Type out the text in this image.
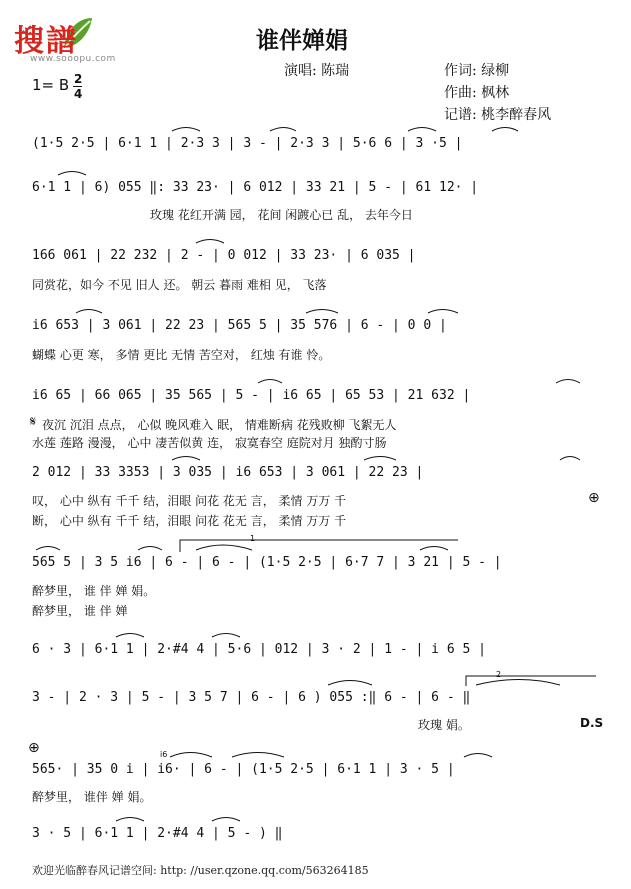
搜譜
www.sooopu.com
谁伴婵娟
演唱: 陈瑞	作词: 绿柳
作曲: 枫林
记谱: 桃李醉春风
1= B 2
4
(1·5 2·5 | 6·1 1 | 2·3 3 | 3 - | 2·3 3 | 5·6 6 | 3 ·5 |
6·1 1 | 6) 055 ‖: 33 23· | 6 012 | 33 21 | 5 - | 61 12· |
玫瑰 花红开满 园， 花间 闲踱心已 乱， 去年今日
166 061 | 22 232 | 2 - | 0 012 | 33 23· | 6 035 |
同赏花，如今 不见 旧人 还。 朝云 暮雨 难相 见， 飞落
i6 653 | 3 061 | 22 23 | 565 5 | 35 576 | 6 - | 0 0 |
蝴蝶 心更 寒， 多情 更比 无情 苦空对， 红烛 有谁 怜。
i6 65 | 66 065 | 35 565 | 5 - | i6 65 | 65 53 | 21 632 |
𝄋 夜沉 沉泪 点点， 心似 晚风难入 眠， 情难断病 花残败柳 飞絮无人
水莲 莲路 漫漫， 心中 凄苦似黄 连， 寂寞春空 庭院对月 独酌寸肠
2 012 | 33 3353 | 3 035 | i6 653 | 3 061 | 22 23 |
⊕
叹， 心中 纵有 千千 结，泪眼 问花 花无 言， 柔情 万万 千
断， 心中 纵有 千千 结，泪眼 问花 花无 言， 柔情 万万 千
565 5 | 3 5 i6 | 6 - | 6 - | (1·5 2·5 | 6·7 7 | 3 21 | 5 - |
1
醉梦里， 谁 伴 婵 娟。
醉梦里， 谁 伴 婵
6 · 3 | 6·1 1 | 2·#4 4 | 5·6 | 012 | 3 · 2 | 1 - | i 6 5 |
3 - | 2 · 3 | 5 - | 3 5 7 | 6 - | 6 ) 055 :‖ 6 - | 6 - ‖
2
玫瑰 娟。	D.S
⊕
565· | 35 0 i | i6· | 6 - | (1·5 2·5 | 6·1 1 | 3 · 5 |
i6
醉梦里， 谁伴 婵 娟。
3 · 5 | 6·1 1 | 2·#4 4 | 5 - ) ‖
欢迎光临醉春风记谱空间: http: //user.qzone.qq.com/563264185
